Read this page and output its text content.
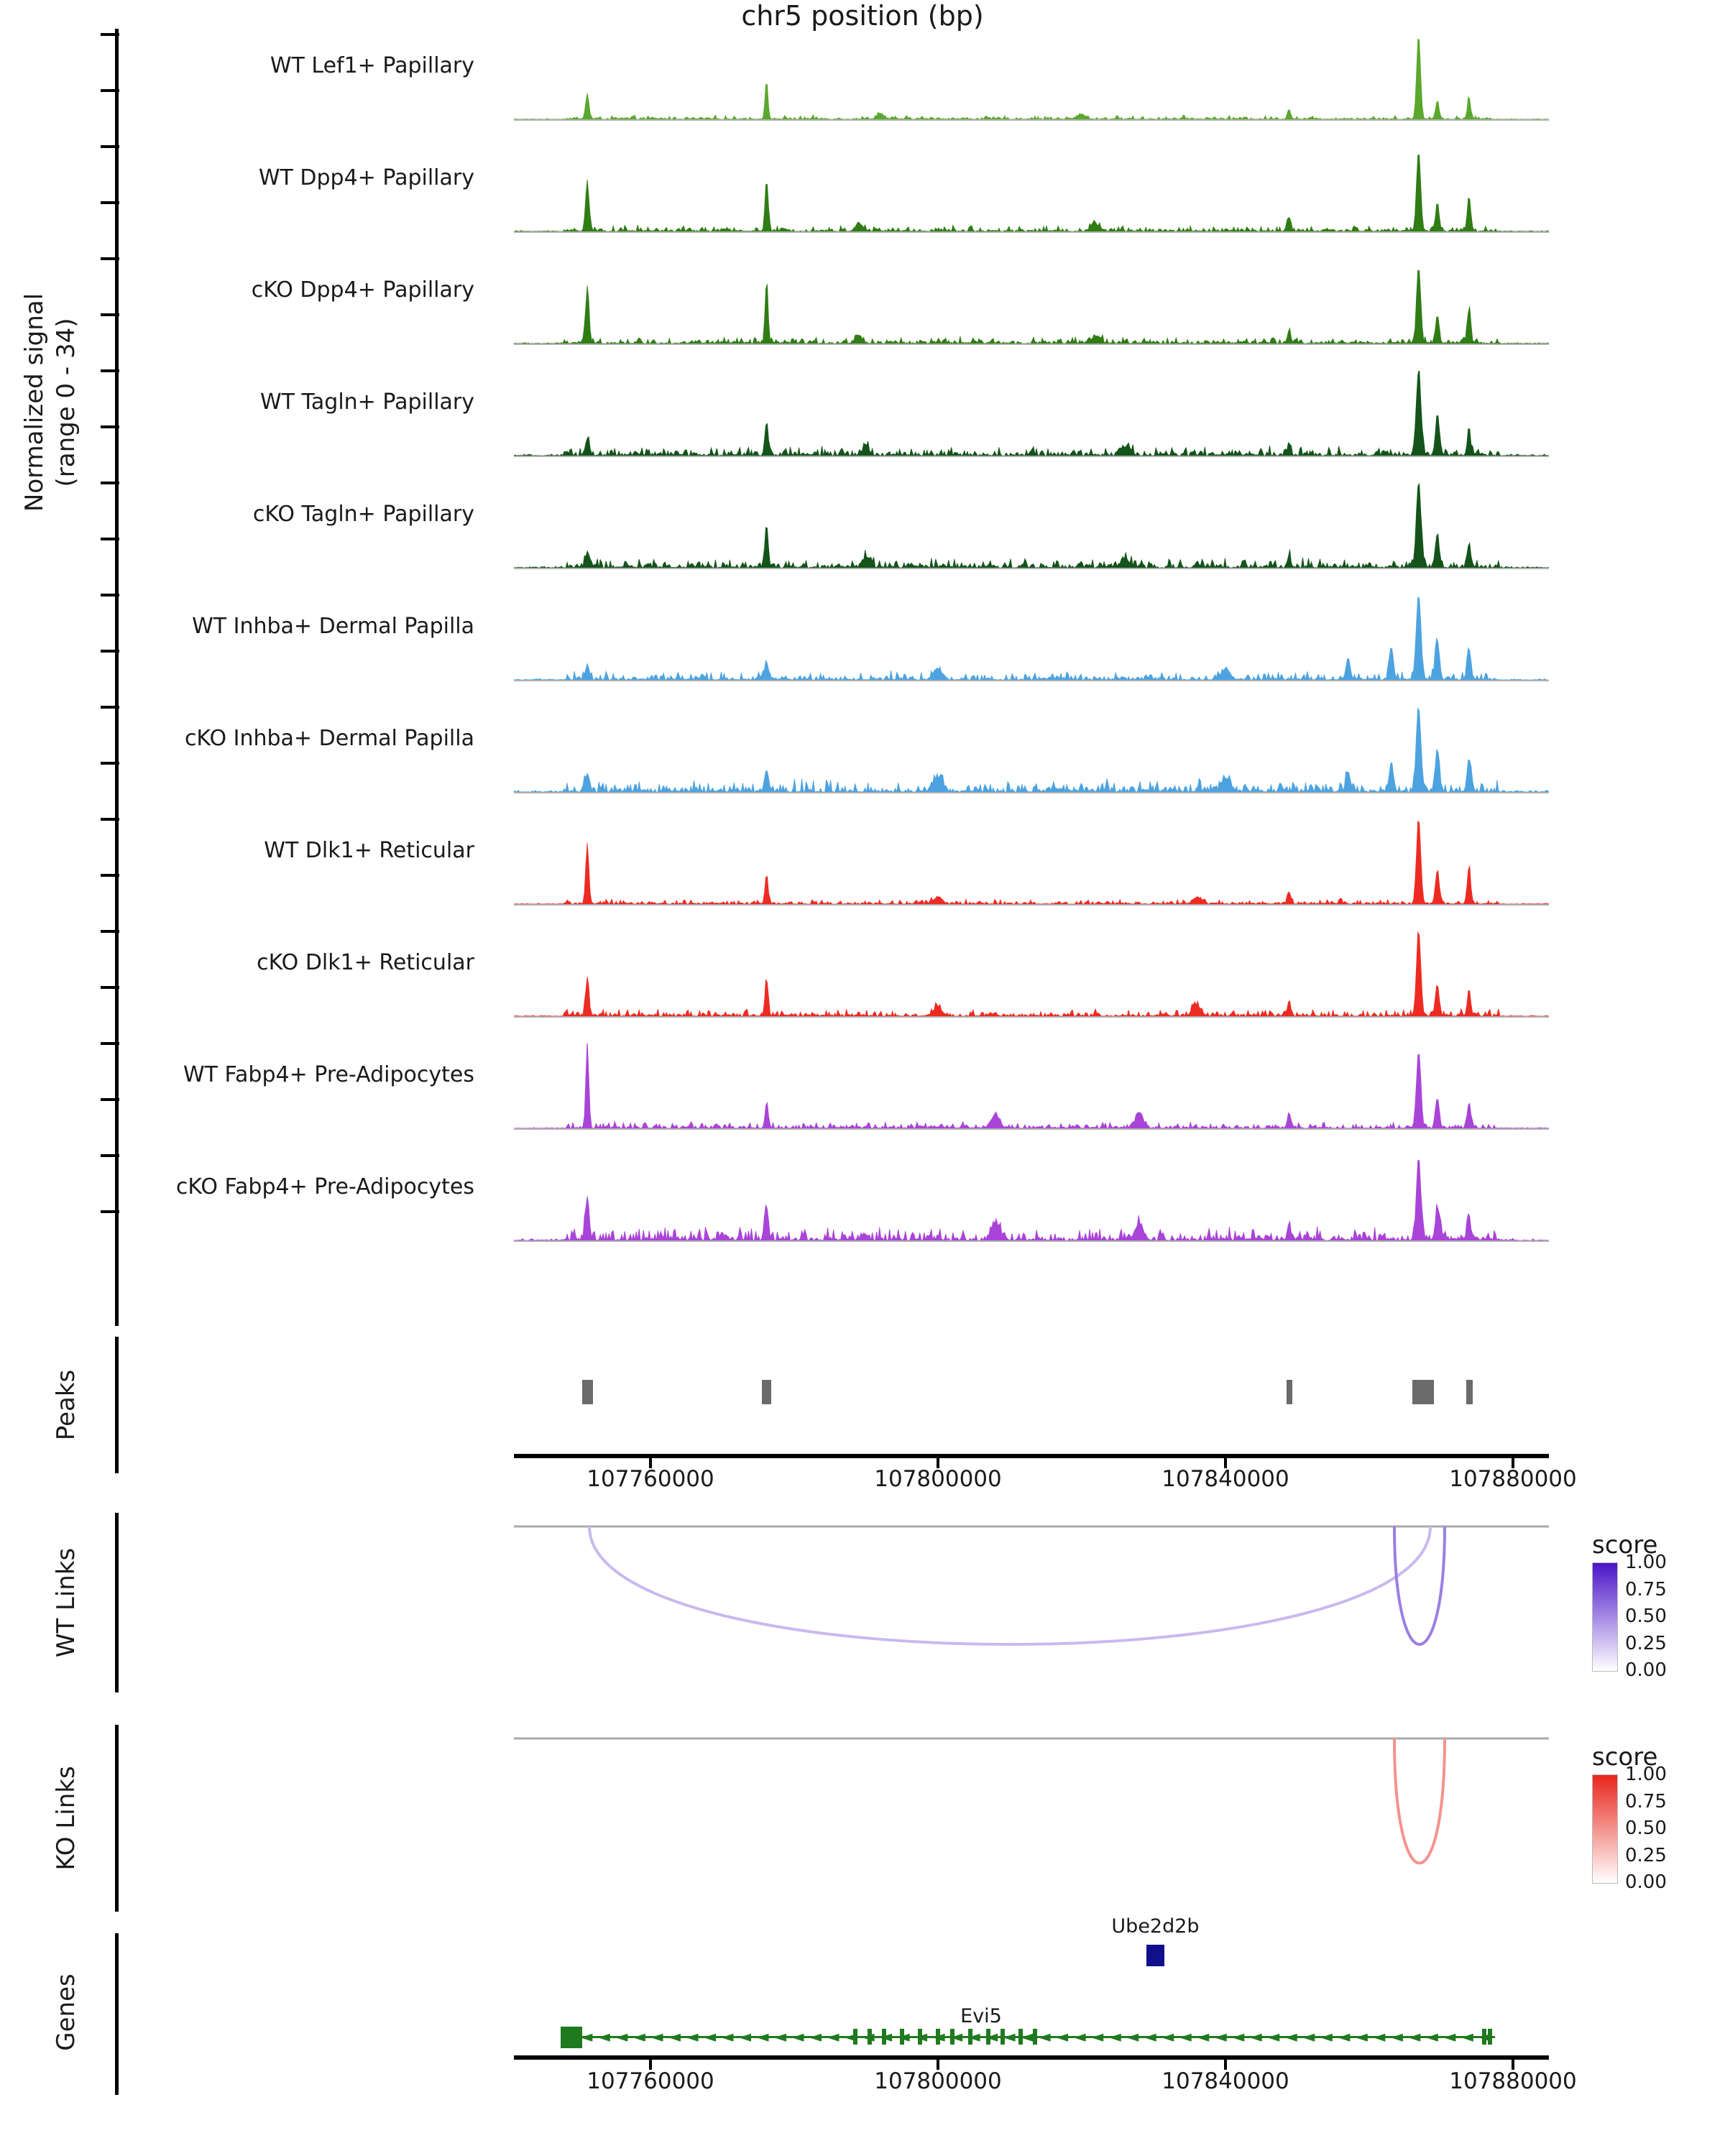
Normalized signal (range 0 - 34)
Peaks
WT Links
KO Links
Genes
WT Lef1+ Papillary
WT Dpp4+ Papillary
cKO Dpp4+ Papillary
WT Tagln+ Papillary
cKO Tagln+ Papillary
WT Inhba+ Dermal Papilla
cKO Inhba+ Dermal Papilla
WT Dlk1+ Reticular
cKO Dlk1+ Reticular
WT Fabp4+ Pre-Adipocytes
cKO Fabp4+ Pre-Adipocytes
107760000	107800000	107840000	107880000
Ube2d2b
Evi5
◄ ◄ ◄ ◄ ◄ ◄ ◄ ◄ ◄ ◄ ◄ ◄ ◄ ◄ ◄ ◄ ◄ ◄ ◄ ◄ ◄ ◄ ◄ ◄ ◄ ◄ ◄ ◄ ◄ ◄ ◄ ◄ ◄ ◄ ◄ ◄ ◄ ◄ ◄ ◄ ◄ ◄ ◄ ◄ ◄ ◄ ◄ ◄ ◄ ◄ ◄ ◄
107760000	107800000	107840000	107880000
score
1.00
0.75
0.50
0.25
0.00
score
1.00
0.75
0.50
0.25
0.00
chr5 position (bp)
